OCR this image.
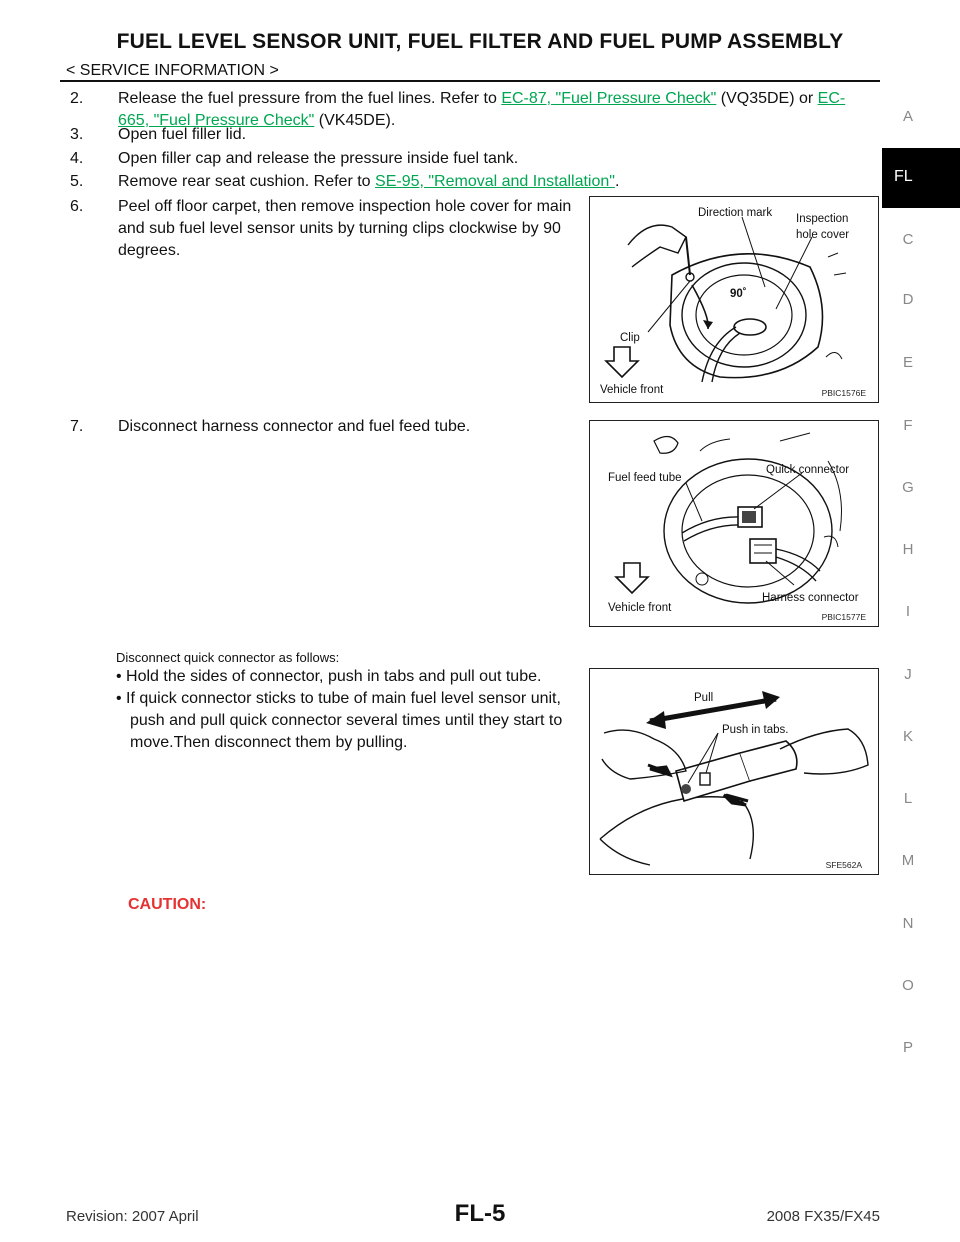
FUEL LEVEL SENSOR UNIT, FUEL FILTER AND FUEL PUMP ASSEMBLY
< SERVICE INFORMATION >
A
C
D
E
F
G
H
I
J
K
L
M
N
O
P
FL
2. Release the fuel pressure from the fuel lines. Refer to EC-87, "Fuel Pressure Check" (VQ35DE) or EC-
665, "Fuel Pressure Check" (VK45DE).
3. Open fuel filler lid.
4. Open filler cap and release the pressure inside fuel tank.
5. Remove rear seat cushion. Refer to SE-95, "Removal and Installation".
6. Peel off floor carpet, then remove inspection hole cover for main
and sub fuel level sensor units by turning clips clockwise by 90
degrees.
Direction mark Inspection
hole cover
90˚
Clip
Vehicle front	PBIC1576E
7. Disconnect harness connector and fuel feed tube.
Fuel feed tube
Quick connector
Harness connector
Vehicle front
PBIC1577E
Disconnect quick connector as follows:
• Hold the sides of connector, push in tabs and pull out tube.
• If quick connector sticks to tube of main fuel level sensor unit,
push and pull quick connector several times until they start to
move.Then disconnect them by pulling.
Pull
Push in tabs.
SFE562A
CAUTION:
Revision: 2007 April	FL-5	2008 FX35/FX45
